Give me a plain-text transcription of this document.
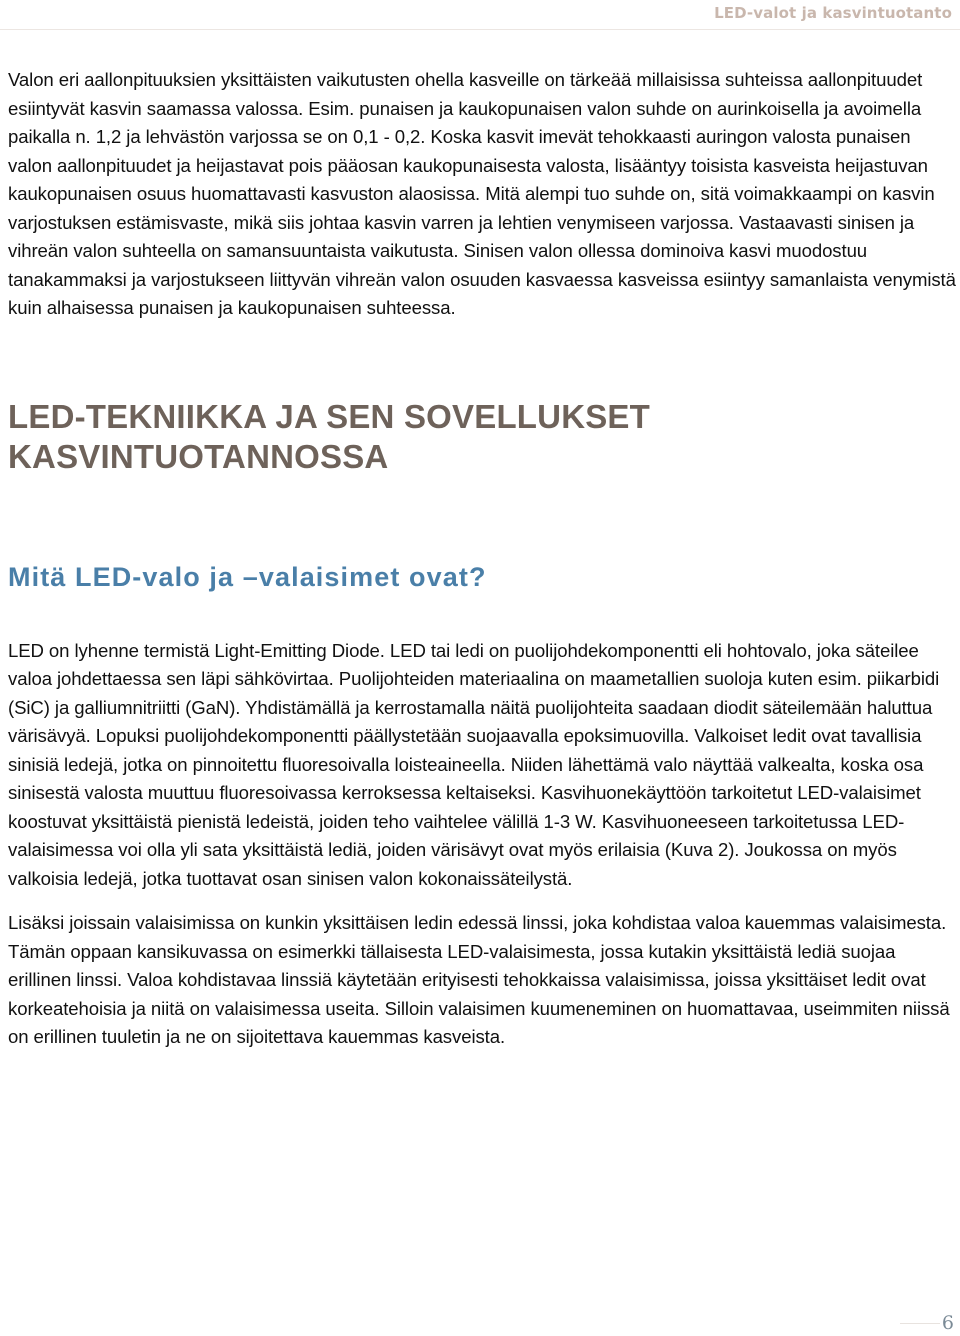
LED-valot ja kasvintuotanto

Valon eri aallonpituuksien yksittäisten vaikutusten ohella kasveille on tärkeää millaisissa suhteissa aallonpituudet esiintyvät kasvin saamassa valossa. Esim. punaisen ja kaukopunaisen valon suhde on aurinkoisella ja avoimella paikalla n. 1,2 ja lehvästön varjossa se on 0,1 - 0,2. Koska kasvit imevät tehokkaasti auringon valosta punaisen valon aallonpituudet ja heijastavat pois pääosan kaukopunaisesta valosta, lisääntyy toisista kasveista heijastuvan kaukopunaisen osuus huomattavasti kasvuston alaosissa. Mitä alempi tuo suhde on, sitä voimakkaampi on kasvin varjostuksen estämisvaste, mikä siis johtaa kasvin varren ja lehtien venymiseen varjossa. Vastaavasti sinisen ja vihreän valon suhteella on samansuuntaista vaikutusta. Sinisen valon ollessa dominoiva kasvi muodostuu tanakammaksi ja varjostukseen liittyvän vihreän valon osuuden kasvaessa kasveissa esiintyy samanlaista venymistä kuin alhaisessa punaisen ja kaukopunaisen suhteessa.

LED-TEKNIIKKA JA SEN SOVELLUKSET
KASVINTUOTANNOSSA
Mitä LED-valo ja –valaisimet ovat?

LED on lyhenne termistä Light-Emitting Diode. LED tai ledi on puolijohdekomponentti eli hohtovalo, joka säteilee valoa johdettaessa sen läpi sähkövirtaa. Puolijohteiden materiaalina on maametallien suoloja kuten esim. piikarbidi (SiC) ja galliumnitriitti (GaN). Yhdistämällä ja kerrostamalla näitä puolijohteita saadaan diodit säteilemään haluttua värisävyä. Lopuksi puolijohdekomponentti päällystetään suojaavalla epoksimuovilla. Valkoiset ledit ovat tavallisia sinisiä ledejä, jotka on pinnoitettu fluoresoivalla loisteaineella. Niiden lähettämä valo näyttää valkealta, koska osa sinisestä valosta muuttuu fluoresoivassa kerroksessa keltaiseksi. Kasvihuonekäyttöön tarkoitetut LED-valaisimet koostuvat yksittäistä pienistä ledeistä, joiden teho vaihtelee välillä 1-3 W. Kasvihuoneeseen tarkoitetussa LED- valaisimessa voi olla yli sata yksittäistä lediä, joiden värisävyt ovat myös erilaisia (Kuva 2). Joukossa on myös valkoisia ledejä, jotka tuottavat osan sinisen valon kokonaissäteilystä.

Lisäksi joissain valaisimissa on kunkin yksittäisen ledin edessä linssi, joka kohdistaa valoa kauemmas valaisimesta. Tämän oppaan kansikuvassa on esimerkki tällaisesta LED-valaisimesta, jossa kutakin yksittäistä lediä suojaa erillinen linssi. Valoa kohdistavaa linssiä käytetään erityisesti tehokkaissa valaisimissa, joissa yksittäiset ledit ovat korkeatehoisia ja niitä on valaisimessa useita. Silloin valaisimen kuumeneminen on huomattavaa, useimmiten niissä on erillinen tuuletin ja ne on sijoitettava kauemmas kasveista.

6
